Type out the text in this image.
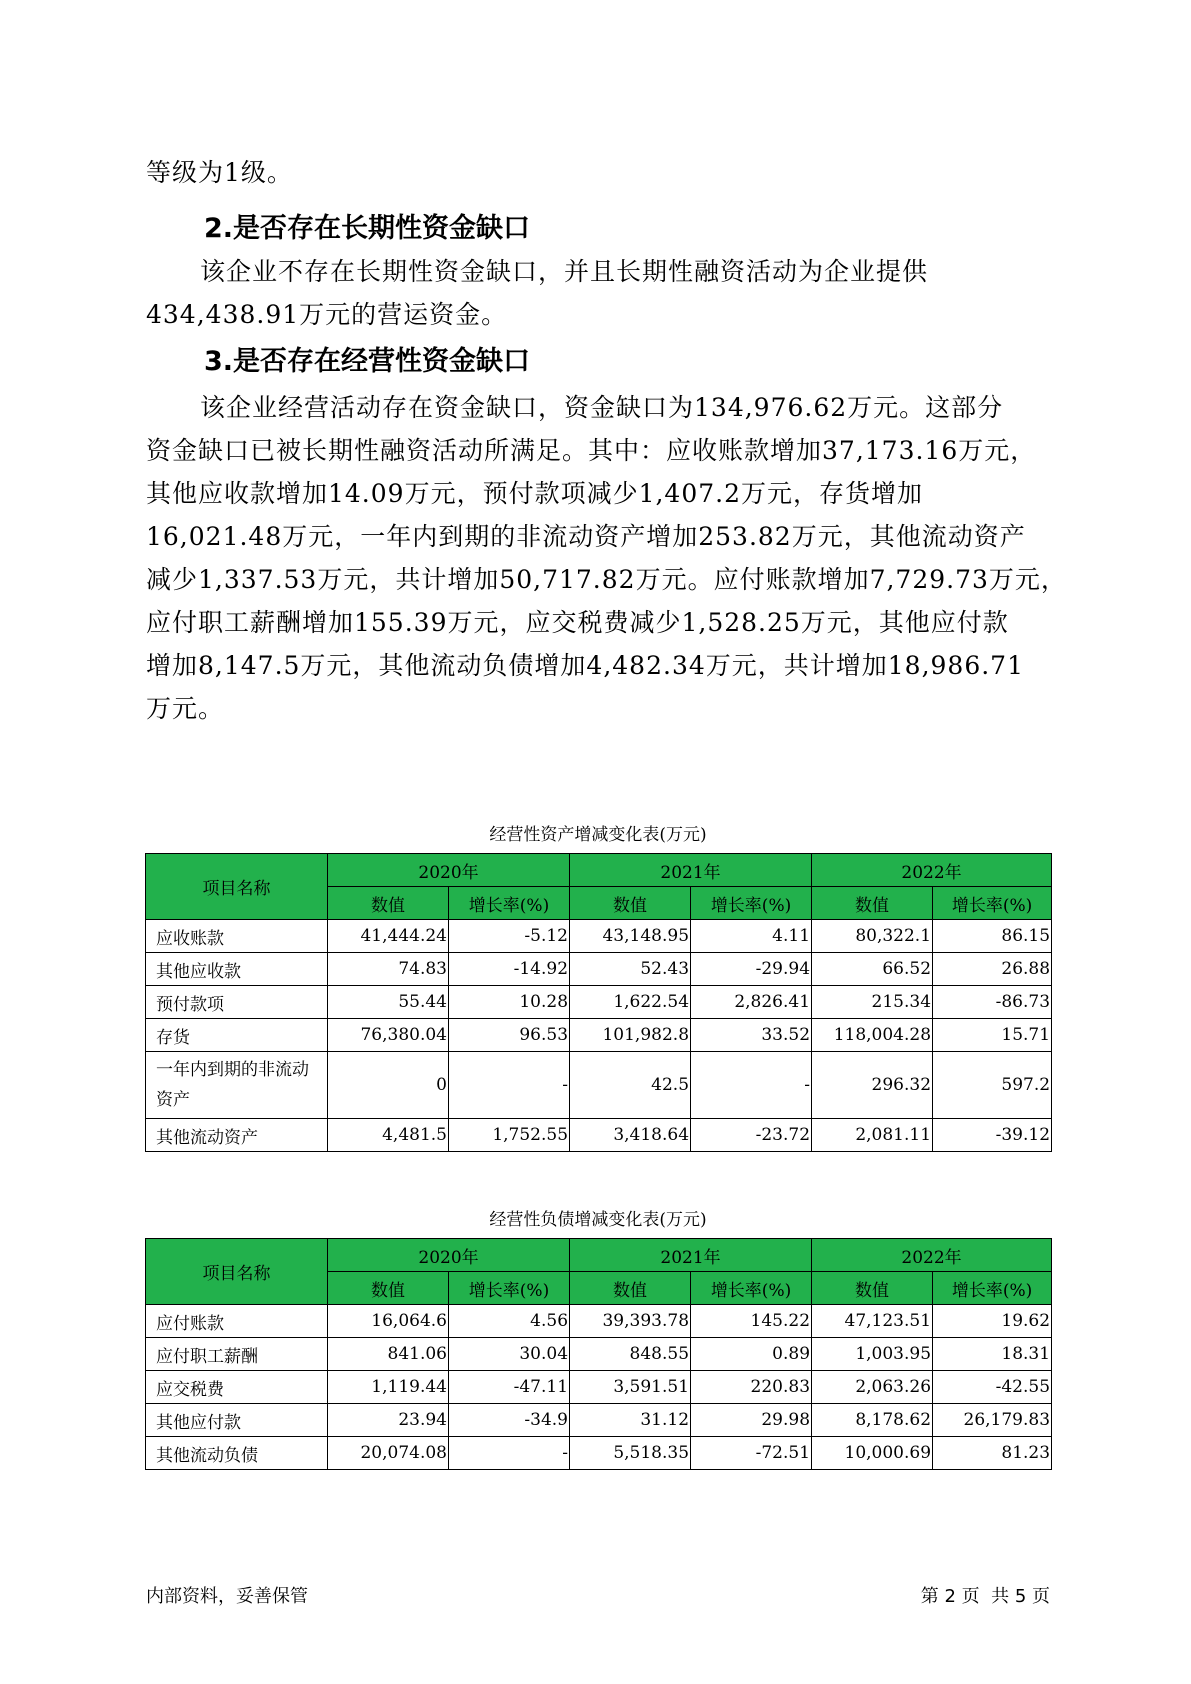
等级为1级。
2.是否存在长期性资金缺口
该企业不存在长期性资金缺口，并且长期性融资活动为企业提供
434,438.91万元的营运资金。
3.是否存在经营性资金缺口
该企业经营活动存在资金缺口，资金缺口为134,976.62万元。这部分
资金缺口已被长期性融资活动所满足。其中：应收账款增加37,173.16万元，
其他应收款增加14.09万元，预付款项减少1,407.2万元，存货增加
16,021.48万元，一年内到期的非流动资产增加253.82万元，其他流动资产
减少1,337.53万元，共计增加50,717.82万元。应付账款增加7,729.73万元，
应付职工薪酬增加155.39万元，应交税费减少1,528.25万元，其他应付款
增加8,147.5万元，其他流动负债增加4,482.34万元，共计增加18,986.71
万元。
经营性资产增减变化表(万元)
项目名称	2020年		2021年		2022年	
	数值	增长率(%)	数值	增长率(%)	数值	增长率(%)
应收账款	41,444.24	-5.12	43,148.95	4.11	80,322.1	86.15
其他应收款	74.83	-14.92	52.43	-29.94	66.52	26.88
预付款项	55.44	10.28	1,622.54	2,826.41	215.34	-86.73
存货	76,380.04	96.53	101,982.8	33.52	118,004.28	15.71
一年内到期的非流动资产	0	-	42.5	-	296.32	597.2
其他流动资产	4,481.5	1,752.55	3,418.64	-23.72	2,081.11	-39.12
经营性负债增减变化表(万元)
项目名称	2020年		2021年		2022年	
	数值	增长率(%)	数值	增长率(%)	数值	增长率(%)
应付账款	16,064.6	4.56	39,393.78	145.22	47,123.51	19.62
应付职工薪酬	841.06	30.04	848.55	0.89	1,003.95	18.31
应交税费	1,119.44	-47.11	3,591.51	220.83	2,063.26	-42.55
其他应付款	23.94	-34.9	31.12	29.98	8,178.62	26,179.83
其他流动负债	20,074.08	-	5,518.35	-72.51	10,000.69	81.23
内部资料，妥善保管	第 2 页  共 5 页
